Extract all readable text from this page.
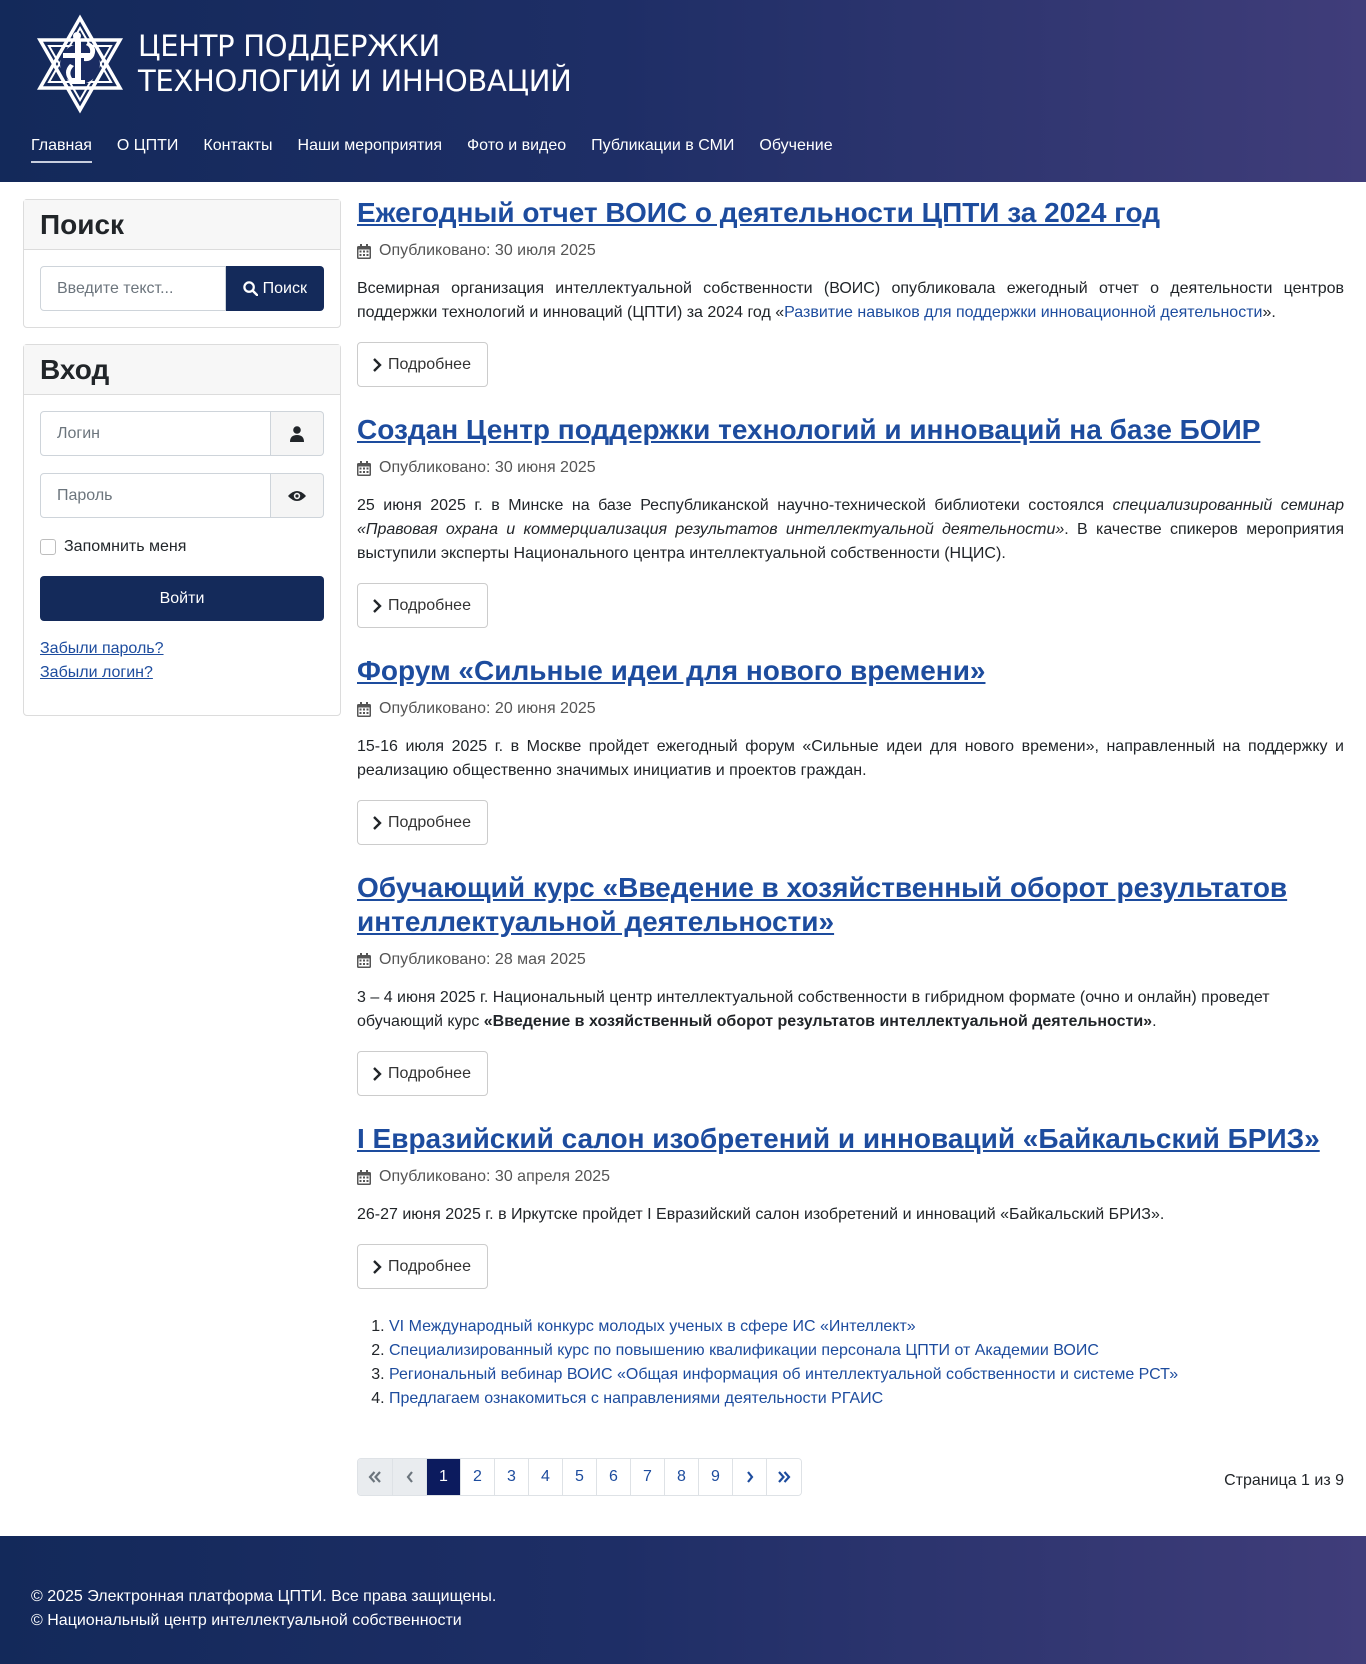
ЦЕНТР ПОДДЕРЖКИ
ТЕХНОЛОГИЙ И ИННОВАЦИЙ
Главная О ЦПТИ Контакты Наши мероприятия Фото и видео Публикации в СМИ Обучение
Поиск
Введите текст...	Поиск
Вход
Логин
Пароль
Запомнить меня
Войти
Забыли пароль?
Забыли логин?
Ежегодный отчет ВОИС о деятельности ЦПТИ за 2024 год
Опубликовано: 30 июля 2025

Всемирная организация интеллектуальной собственности (ВОИС) опубликовала ежегодный отчет о деятельности центров поддержки технологий и инноваций (ЦПТИ) за 2024 год «Развитие навыков для поддержки инновационной деятельности».

Подробнее
Создан Центр поддержки технологий и инноваций на базе БОИР
Опубликовано: 30 июня 2025

25 июня 2025 г. в Минске на базе Республиканской научно-технической библиотеки состоялся специализированный семинар «Правовая охрана и коммерциализация результатов интеллектуальной деятельности». В качестве спикеров мероприятия выступили эксперты Национального центра интеллектуальной собственности (НЦИС).

Подробнее
Форум «Сильные идеи для нового времени»
Опубликовано: 20 июня 2025

15-16 июля 2025 г. в Москве пройдет ежегодный форум «Сильные идеи для нового времени», направленный на поддержку и реализацию общественно значимых инициатив и проектов граждан.

Подробнее
Обучающий курс «Введение в хозяйственный оборот результатов интеллектуальной деятельности»
Опубликовано: 28 мая 2025

3 – 4 июня 2025 г. Национальный центр интеллектуальной собственности в гибридном формате (очно и онлайн) проведет обучающий курс «Введение в хозяйственный оборот результатов интеллектуальной деятельности».

Подробнее
I Евразийский салон изобретений и инноваций «Байкальский БРИЗ»
Опубликовано: 30 апреля 2025

26-27 июня 2025 г. в Иркутске пройдет I Евразийский салон изобретений и инноваций «Байкальский БРИЗ».

Подробнее
1. VI Международный конкурс молодых ученых в сфере ИС «Интеллект»
2. Специализированный курс по повышению квалификации персонала ЦПТИ от Академии ВОИС
3. Региональный вебинар ВОИС «Общая информация об интеллектуальной собственности и системе РСТ»
4. Предлагаем ознакомиться с направлениями деятельности РГАИС
1	2	3	4	5	6	7	8	9	Страница 1 из 9

© 2025 Электронная платформа ЦПТИ. Все права защищены.

© Национальный центр интеллектуальной собственности
